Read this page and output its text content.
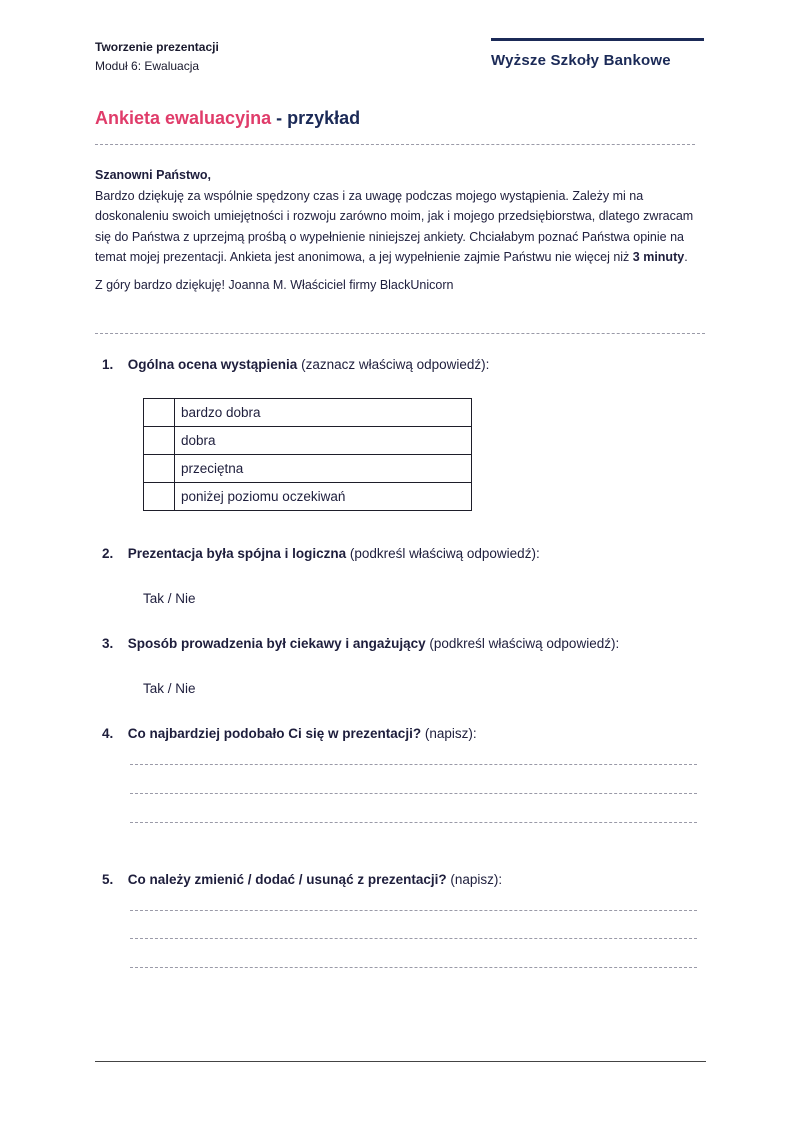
Tworzenie prezentacji
Moduł 6: Ewaluacja	Wyższe Szkoły Bankowe
Ankieta ewaluacyjna - przykład

Szanowni Państwo,

Bardzo dziękuję za wspólnie spędzony czas i za uwagę podczas mojego wystąpienia. Zależy mi na doskonaleniu swoich umiejętności i rozwoju zarówno moim, jak i mojego przedsiębiorstwa, dlatego zwracam się do Państwa z uprzejmą prośbą o wypełnienie niniejszej ankiety. Chciałabym poznać Państwa opinie na temat mojej prezentacji. Ankieta jest anonimowa, a jej wypełnienie zajmie Państwu nie więcej niż 3 minuty.

Z góry bardzo dziękuję! Joanna M. Właściciel firmy BlackUnicorn

1. Ogólna ocena wystąpienia (zaznacz właściwą odpowiedź):
	bardzo dobra
	dobra
	przeciętna
	poniżej poziomu oczekiwań
2. Prezentacja była spójna i logiczna (podkreśl właściwą odpowiedź):
Tak / Nie
3. Sposób prowadzenia był ciekawy i angażujący (podkreśl właściwą odpowiedź):
Tak / Nie
4. Co najbardziej podobało Ci się w prezentacji? (napisz):
5. Co należy zmienić / dodać / usunąć z prezentacji? (napisz):
